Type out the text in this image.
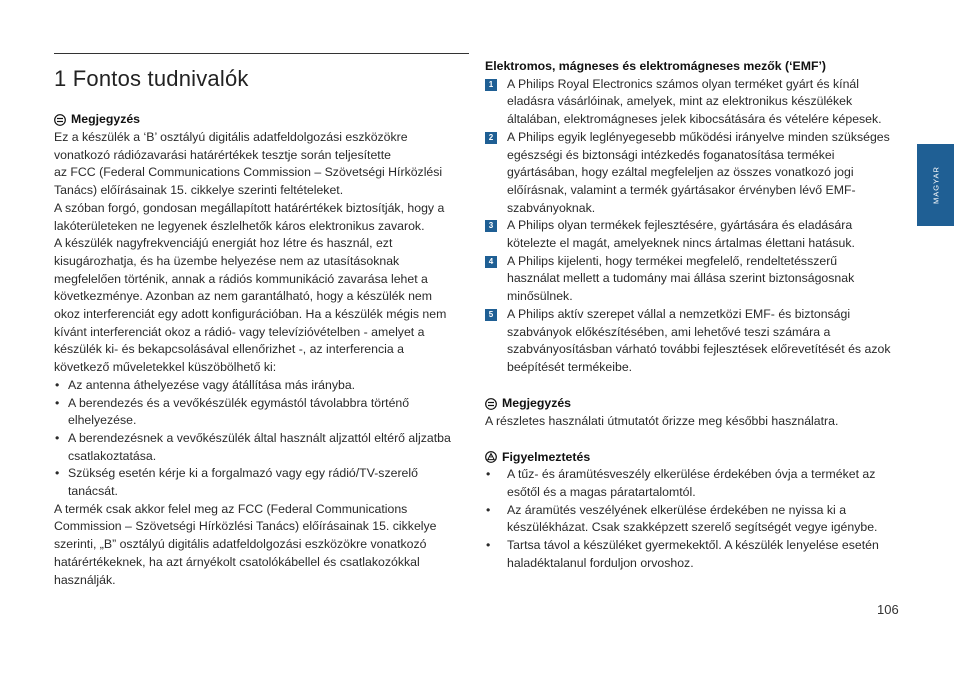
1 Fontos tudnivalók
Megjegyzés
Ez a készülék a ‘B’ osztályú digitális adatfeldolgozási eszközökre
vonatkozó rádiózavarási határértékek tesztje során teljesítette
az FCC (Federal Communications Commission – Szövetségi Hírközlési
Tanács) előírásainak 15. cikkelye szerinti feltételeket.
A szóban forgó, gondosan megállapított határértékek biztosítják, hogy a
lakóterületeken ne legyenek észlelhetők káros elektronikus zavarok.
A készülék nagyfrekvenciájú energiát hoz létre és használ, ezt
kisugározhatja, és ha üzembe helyezése nem az utasításoknak
megfelelően történik, annak a rádiós kommunikáció zavarása lehet a
következménye. Azonban az nem garantálható, hogy a készülék nem
okoz interferenciát egy adott konfigurációban. Ha a készülék mégis nem
kívánt interferenciát okoz a rádió- vagy televízióvételben - amelyet a
készülék ki- és bekapcsolásával ellenőrizhet -, az interferencia a
következő műveletekkel küszöbölhető ki:
• Az antenna áthelyezése vagy átállítása más irányba.
• A berendezés és a vevőkészülék egymástól távolabbra történő
elhelyezése.
• A berendezésnek a vevőkészülék által használt aljzattól eltérő aljzatba
csatlakoztatása.
• Szükség esetén kérje ki a forgalmazó vagy egy rádió/TV-szerelő
tanácsát.
A termék csak akkor felel meg az FCC (Federal Communications
Commission – Szövetségi Hírközlési Tanács) előírásainak 15. cikkelye
szerinti, „B” osztályú digitális adatfeldolgozási eszközökre vonatkozó
határértékeknek, ha azt árnyékolt csatolókábellel és csatlakozókkal
használják.

Elektromos, mágneses és elektromágneses mezők (‘EMF’)

1	A Philips Royal Electronics számos olyan terméket gyárt és kínál
eladásra vásárlóinak, amelyek, mint az elektronikus készülékek
általában, elektromágneses jelek kibocsátására és vételére képesek.
2	A Philips egyik leglényegesebb működési irányelve minden szükséges
egészségi és biztonsági intézkedés foganatosítása termékei
gyártásában, hogy ezáltal megfeleljen az összes vonatkozó jogi
előírásnak, valamint a termék gyártásakor érvényben lévő EMF-
szabványoknak.
3	A Philips olyan termékek fejlesztésére, gyártására és eladására
kötelezte el magát, amelyeknek nincs ártalmas élettani hatásuk.
4	A Philips kijelenti, hogy termékei megfelelő, rendeltetésszerű
használat mellett a tudomány mai állása szerint biztonságosnak
minősülnek.
5	A Philips aktív szerepet vállal a nemzetközi EMF- és biztonsági
szabványok előkészítésében, ami lehetővé teszi számára a
szabványosításban várható további fejlesztések előrevetítését és azok
beépítését termékeibe.
Megjegyzés

A részletes használati útmutatót őrizze meg későbbi használatra.

Figyelmeztetés
• A tűz- és áramütésveszély elkerülése érdekében óvja a terméket az
esőtől és a magas páratartalomtól.
• Az áramütés veszélyének elkerülése érdekében ne nyissa ki a
készülékházat. Csak szakképzett szerelő segítségét vegye igénybe.
• Tartsa távol a készüléket gyermekektől. A készülék lenyelése esetén
haladéktalanul forduljon orvoshoz.
MAGYAR
106
